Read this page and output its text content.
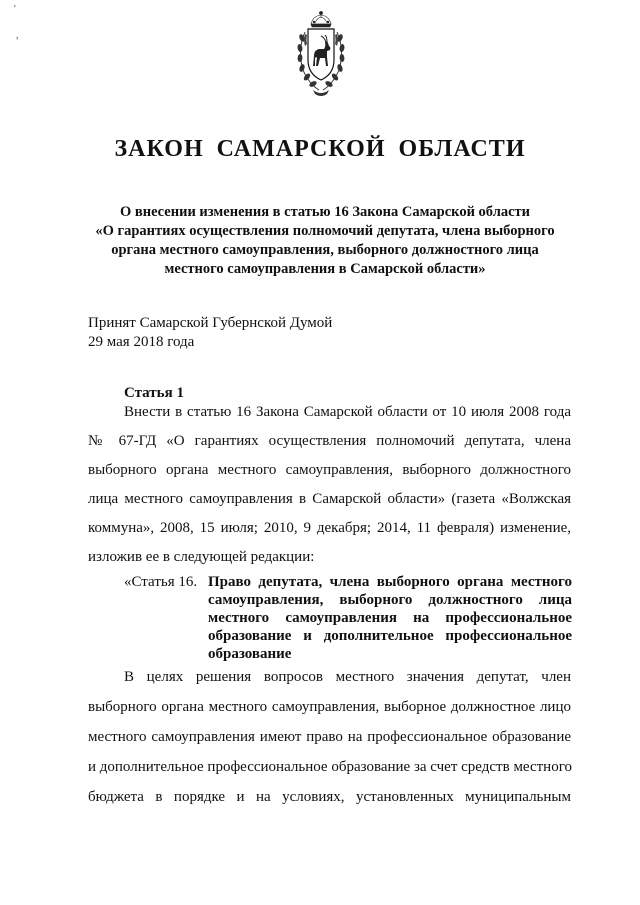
'
,
ЗАКОН САМАРСКОЙ ОБЛАСТИ
О внесении изменения в статью 16 Закона Самарской области
«О гарантиях осуществления полномочий депутата, члена выборного
органа местного самоуправления, выборного должностного лица
местного самоуправления в Самарской области»
Принят Самарской Губернской Думой
29 мая 2018 года
Статья 1
Внести в статью 16 Закона Самарской области от 10 июля 2008 года
№ 67-ГД «О гарантиях осуществления полномочий депутата, члена
выборного органа местного самоуправления, выборного должностного
лица местного самоуправления в Самарской области» (газета «Волжская
коммуна», 2008, 15 июля; 2010, 9 декабря; 2014, 11 февраля) изменение,
изложив ее в следующей редакции:
«Статья 16. Право депутата, члена выборного органа местного
самоуправления, выборного должностного лица
местного самоуправления на профессиональное
образование и дополнительное профессиональное
образование
В целях решения вопросов местного значения депутат, член
выборного органа местного самоуправления, выборное должностное лицо
местного самоуправления имеют право на профессиональное образование
и дополнительное профессиональное образование за счет средств местного
бюджета в порядке и на условиях, установленных муниципальным
